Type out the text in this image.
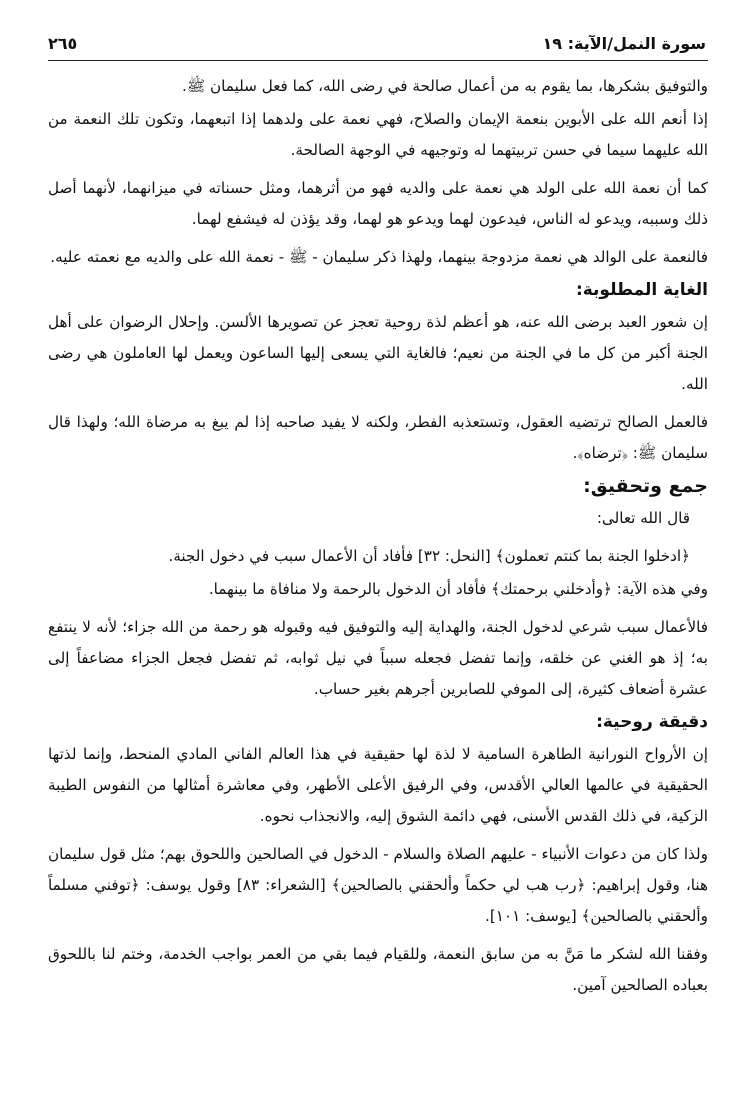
سورة النمل/الآية: ١٩
٢٦٥

والتوفيق بشكرها، بما يقوم به من أعمال صالحة في رضى الله، كما فعل سليمان ﷺ.

إذا أنعم الله على الأبوين بنعمة الإيمان والصلاح، فهي نعمة على ولدهما إذا اتبعهما، وتكون تلك النعمة من الله عليهما سيما في حسن تربيتهما له وتوجيهه في الوجهة الصالحة.

كما أن نعمة الله على الولد هي نعمة على والديه فهو من أثرهما، ومثل حسناته في ميزانهما، لأنهما أصل ذلك وسببه، ويدعو له الناس، فيدعون لهما ويدعو هو لهما، وقد يؤذن له فيشفع لهما.

فالنعمة على الوالد هي نعمة مزدوجة بينهما، ولهذا ذكر سليمان - ﷺ - نعمة الله على والديه مع نعمته عليه.

الغاية المطلوبة:

إن شعور العبد برضى الله عنه، هو أعظم لذة روحية تعجز عن تصويرها الألسن. وإحلال الرضوان على أهل الجنة أكبر من كل ما في الجنة من نعيم؛ فالغاية التي يسعى إليها الساعون ويعمل لها العاملون هي رضى الله.

فالعمل الصالح ترتضيه العقول، وتستعذبه الفطر، ولكنه لا يفيد صاحبه إذا لم يبغ به مرضاة الله؛ ولهذا قال سليمان ﷺ: ﴿ترضاه﴾.

جمع وتحقيق:

قال الله تعالى:

﴿ادخلوا الجنة بما كنتم تعملون﴾ [النحل: ٣٢] فأفاد أن الأعمال سبب في دخول الجنة.

وفي هذه الآية: ﴿وأدخلني برحمتك﴾ فأفاد أن الدخول بالرحمة ولا منافاة ما بينهما.

فالأعمال سبب شرعي لدخول الجنة، والهداية إليه والتوفيق فيه وقبوله هو رحمة من الله جزاء؛ لأنه لا ينتفع به؛ إذ هو الغني عن خلقه، وإنما تفضل فجعله سبباً في نيل ثوابه، ثم تفضل فجعل الجزاء مضاعفاً إلى عشرة أضعاف كثيرة، إلى الموفي للصابرين أجرهم بغير حساب.

دقيقة روحية:

إن الأرواح النورانية الطاهرة السامية لا لذة لها حقيقية في هذا العالم الفاني المادي المنحط، وإنما لذتها الحقيقية في عالمها العالي الأقدس، وفي الرفيق الأعلى الأطهر، وفي معاشرة أمثالها من النفوس الطيبة الزكية، في ذلك القدس الأسنى، فهي دائمة الشوق إليه، والانجذاب نحوه.

ولذا كان من دعوات الأنبياء - عليهم الصلاة والسلام - الدخول في الصالحين واللحوق بهم؛ مثل قول سليمان هنا، وقول إبراهيم: ﴿رب هب لي حكماً وألحقني بالصالحين﴾ [الشعراء: ٨٣] وقول يوسف: ﴿توفني مسلماً وألحقني بالصالحين﴾ [يوسف: ١٠١].

وفقنا الله لشكر ما مَنَّ به من سابق النعمة، وللقيام فيما بقي من العمر بواجب الخدمة، وختم لنا باللحوق بعباده الصالحين آمين.
